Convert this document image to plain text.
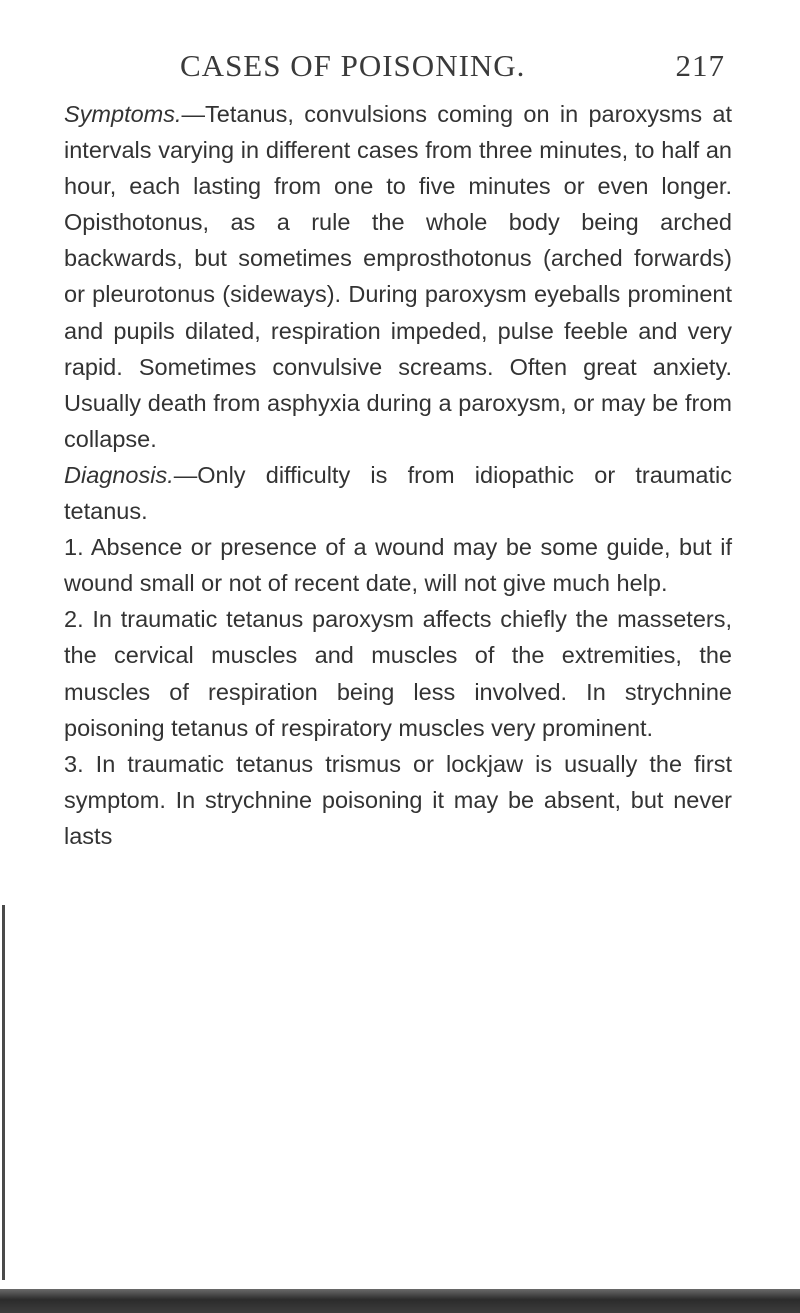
CASES OF POISONING.	217

Symptoms.—Tetanus, convulsions coming on in paroxysms at intervals varying in different cases from three minutes, to half an hour, each lasting from one to five minutes or even longer. Opisthotonus, as a rule the whole body being arched backwards, but sometimes emprosthotonus (arched forwards) or pleurotonus (sideways). During paroxysm eyeballs prominent and pupils dilated, respiration impeded, pulse feeble and very rapid. Sometimes convulsive screams. Often great anxiety. Usually death from asphyxia during a paroxysm, or may be from collapse.

Diagnosis.—Only difficulty is from idiopathic or traumatic tetanus.

1. Absence or presence of a wound may be some guide, but if wound small or not of recent date, will not give much help.

2. In traumatic tetanus paroxysm affects chiefly the masseters, the cervical muscles and muscles of the extremities, the muscles of respiration being less involved. In strychnine poisoning tetanus of respiratory muscles very prominent.

3. In traumatic tetanus trismus or lockjaw is usually the first symptom. In strychnine poisoning it may be absent, but never lasts
